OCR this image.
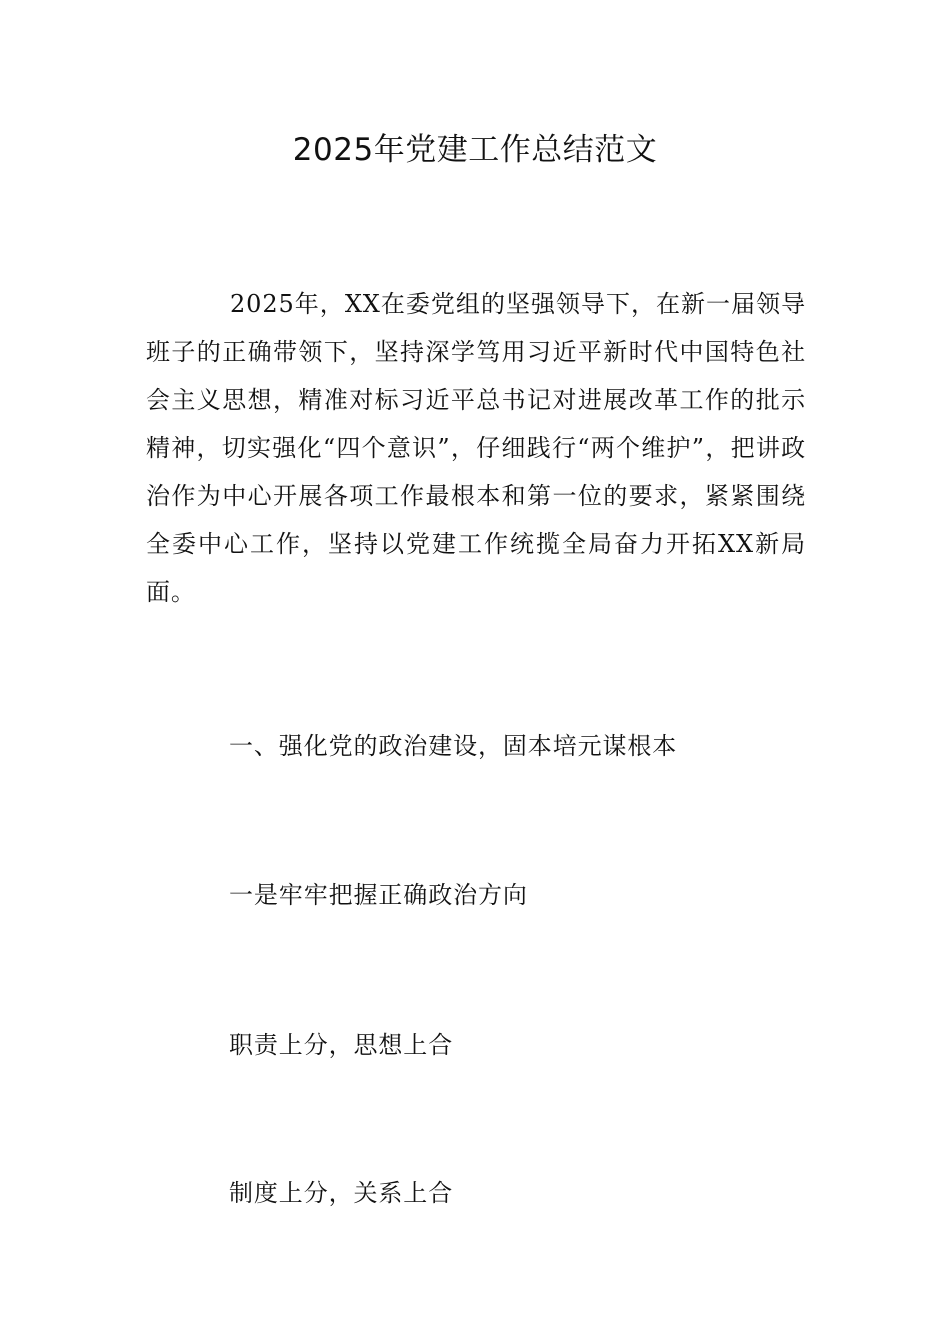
2025年党建工作总结范文

2025年，XX在委党组的坚强领导下，在新一届领导班子的正确带领下，坚持深学笃用习近平新时代中国特色社会主义思想，精准对标习近平总书记对进展改革工作的批示精神，切实强化“四个意识”，仔细践行“两个维护”，把讲政治作为中心开展各项工作最根本和第一位的要求，紧紧围绕全委中心工作，坚持以党建工作统揽全局奋力开拓XX新局面。

一、强化党的政治建设，固本培元谋根本

一是牢牢把握正确政治方向

职责上分，思想上合

制度上分，关系上合
